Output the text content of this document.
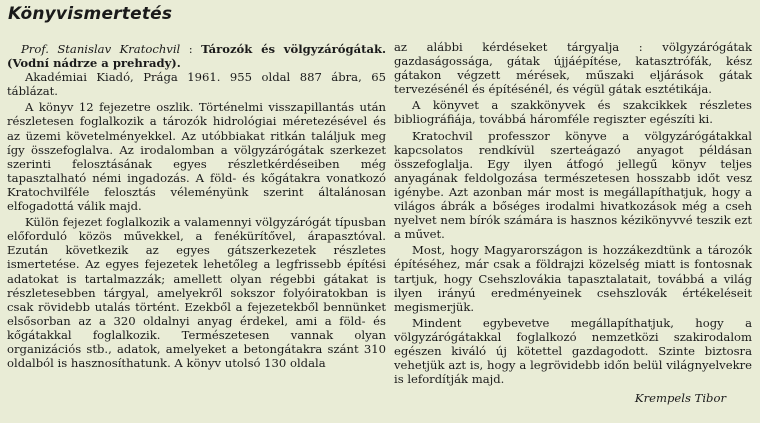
Könyvismertetés

Prof. Stanislav Kratochvil : Tározók és völgyzárógátak. (Vodní nádrze a prehrady).

Akadémiai Kiadó, Prága 1961. 955 oldal 887 ábra, 65 táblázat.

A könyv 12 fejezetre oszlik. Történelmi visszapillantás után részletesen foglalkozik a tározók hidrológiai méretezésével és az üzemi követelményekkel. Az utóbbiakat ritkán találjuk meg így összefoglalva. Az irodalomban a völgyzárógátak szerkezet szerinti felosztásának egyes részletkérdéseiben még tapasztalható némi ingadozás. A föld- és kőgátakra vonatkozó Kratochvilféle felosztás véleményünk szerint általánosan elfogadottá válik majd.

Külön fejezet foglalkozik a valamennyi völgyzárógát típusban előforduló közös művekkel, a fenékürítővel, árapasztóval. Ezután következik az egyes gátszerkezetek részletes ismertetése. Az egyes fejezetek lehetőleg a legfrissebb építési adatokat is tartalmazzák; amellett olyan régebbi gátakat is részletesebben tárgyal, amelyekről sokszor folyóiratokban is csak rövidebb utalás történt. Ezekből a fejezetekből bennünket elsősorban az a 320 oldalnyi anyag érdekel, ami a föld- és kőgátakkal foglalkozik. Természetesen vannak olyan organizációs stb., adatok, amelyeket a betongátakra szánt 310 oldalból is hasznosíthatunk. A könyv utolsó 130 oldala

az alábbi kérdéseket tárgyalja : völgyzárógátak gazdaságossága, gátak újjáépítése, katasztrófák, kész gátakon végzett mérések, műszaki eljárások gátak tervezésénél és építésénél, és végül gátak esztétikája.

A könyvet a szakkönyvek és szakcikkek részletes bibliográfiája, továbbá háromféle regiszter egészíti ki.

Kratochvil professzor könyve a völgyzárógátakkal kapcsolatos rendkívül szerteágazó anyagot példásan összefoglalja. Egy ilyen átfogó jellegű könyv teljes anyagának feldolgozása természetesen hosszabb időt vesz igénybe. Azt azonban már most is megállapíthatjuk, hogy a világos ábrák a bőséges irodalmi hivatkozások még a cseh nyelvet nem bírók számára is hasznos kézikönyvvé teszik ezt a művet.

Most, hogy Magyarországon is hozzákezdtünk a tározók építéséhez, már csak a földrajzi közelség miatt is fontosnak tartjuk, hogy Csehszlovákia tapasztalatait, továbbá a világ ilyen irányú eredményeinek csehszlovák értékeléseit megismerjük.

Mindent egybevetve megállapíthatjuk, hogy a völgyzárógátakkal foglalkozó nemzetközi szakirodalom egészen kiváló új kötettel gazdagodott. Szinte biztosra vehetjük azt is, hogy a legrövidebb időn belül világnyelvekre is lefordítják majd.

Krempels Tibor
